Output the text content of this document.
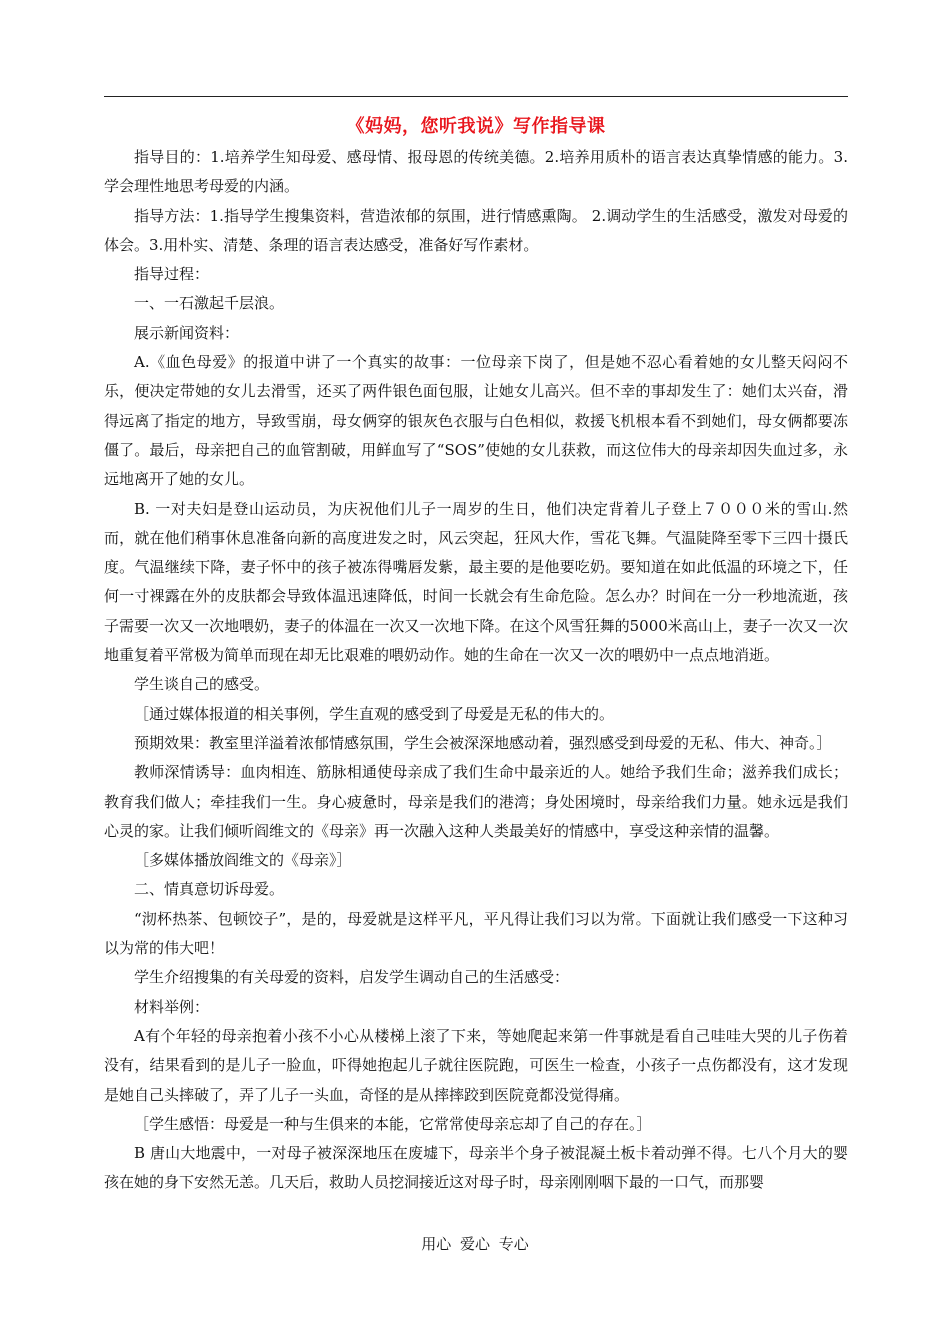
《妈妈，您听我说》写作指导课

指导目的：1.培养学生知母爱、感母情、报母恩的传统美德。2.培养用质朴的语言表达真挚情感的能力。3.学会理性地思考母爱的内涵。

指导方法：1.指导学生搜集资料，营造浓郁的氛围，进行情感熏陶。 2.调动学生的生活感受，激发对母爱的体会。3.用朴实、清楚、条理的语言表达感受，准备好写作素材。

指导过程：

一、一石激起千层浪。

展示新闻资料：

A.《血色母爱》的报道中讲了一个真实的故事：一位母亲下岗了，但是她不忍心看着她的女儿整天闷闷不乐，便决定带她的女儿去滑雪，还买了两件银色面包服，让她女儿高兴。但不幸的事却发生了：她们太兴奋，滑得远离了指定的地方，导致雪崩，母女俩穿的银灰色衣服与白色相似，救援飞机根本看不到她们，母女俩都要冻僵了。最后，母亲把自己的血管割破，用鲜血写了“SOS”使她的女儿获救，而这位伟大的母亲却因失血过多，永远地离开了她的女儿。

B. 一对夫妇是登山运动员，为庆祝他们儿子一周岁的生日，他们决定背着儿子登上７０００米的雪山.然而，就在他们稍事休息准备向新的高度进发之时，风云突起，狂风大作，雪花飞舞。气温陡降至零下三四十摄氏度。气温继续下降，妻子怀中的孩子被冻得嘴唇发紫，最主要的是他要吃奶。要知道在如此低温的环境之下，任何一寸裸露在外的皮肤都会导致体温迅速降低，时间一长就会有生命危险。怎么办？时间在一分一秒地流逝，孩子需要一次又一次地喂奶，妻子的体温在一次又一次地下降。在这个风雪狂舞的5000米高山上，妻子一次又一次地重复着平常极为简单而现在却无比艰难的喂奶动作。她的生命在一次又一次的喂奶中一点点地消逝。

学生谈自己的感受。

［通过媒体报道的相关事例，学生直观的感受到了母爱是无私的伟大的。

预期效果：教室里洋溢着浓郁情感氛围，学生会被深深地感动着，强烈感受到母爱的无私、伟大、神奇。］

教师深情诱导：血肉相连、筋脉相通使母亲成了我们生命中最亲近的人。她给予我们生命；滋养我们成长；教育我们做人；牵挂我们一生。身心疲惫时，母亲是我们的港湾；身处困境时，母亲给我们力量。她永远是我们心灵的家。让我们倾听阎维文的《母亲》再一次融入这种人类最美好的情感中，享受这种亲情的温馨。

［多媒体播放阎维文的《母亲》］

二、情真意切诉母爱。

“沏杯热茶、包顿饺子”，是的，母爱就是这样平凡，平凡得让我们习以为常。下面就让我们感受一下这种习以为常的伟大吧！

学生介绍搜集的有关母爱的资料，启发学生调动自己的生活感受：

材料举例：

A有个年轻的母亲抱着小孩不小心从楼梯上滚了下来，等她爬起来第一件事就是看自己哇哇大哭的儿子伤着没有，结果看到的是儿子一脸血，吓得她抱起儿子就往医院跑，可医生一检查，小孩子一点伤都没有，这才发现是她自己头摔破了，弄了儿子一头血，奇怪的是从摔摔跤到医院竟都没觉得痛。

［学生感悟：母爱是一种与生俱来的本能，它常常使母亲忘却了自己的存在。］

B 唐山大地震中，一对母子被深深地压在废墟下，母亲半个身子被混凝土板卡着动弹不得。七八个月大的婴孩在她的身下安然无恙。几天后，救助人员挖洞接近这对母子时，母亲刚刚咽下最的一口气，而那婴

用心 爱心 专心
